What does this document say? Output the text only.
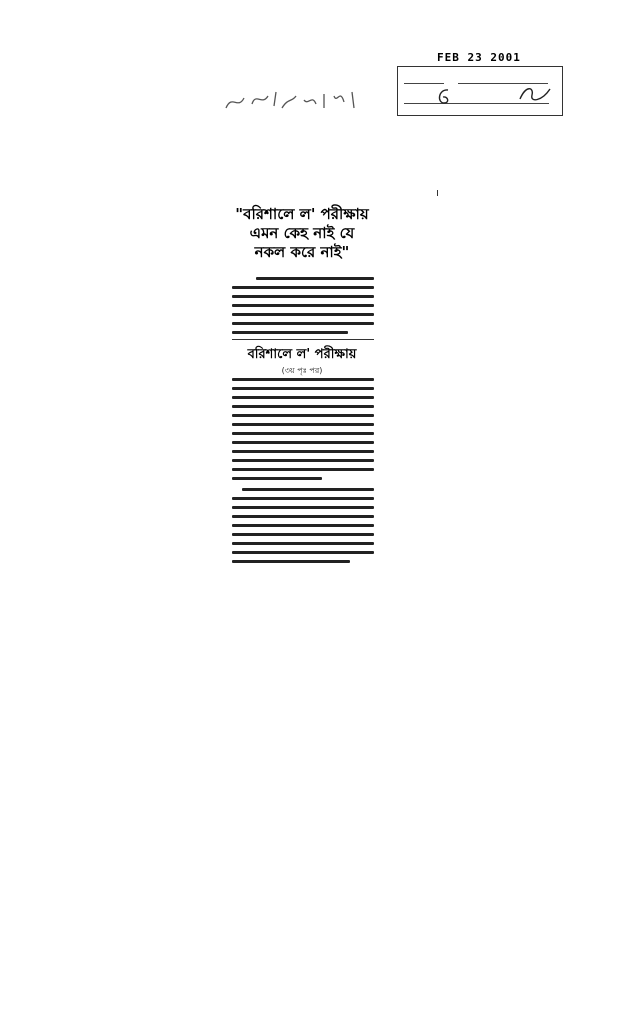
FEB 23 2001
"বরিশালে ল' পরীক্ষায়
এমন কেহ নাই যে
নকল করে নাই"
বরিশালে ল' পরীক্ষায়
(৩য় পৃঃ পর)
